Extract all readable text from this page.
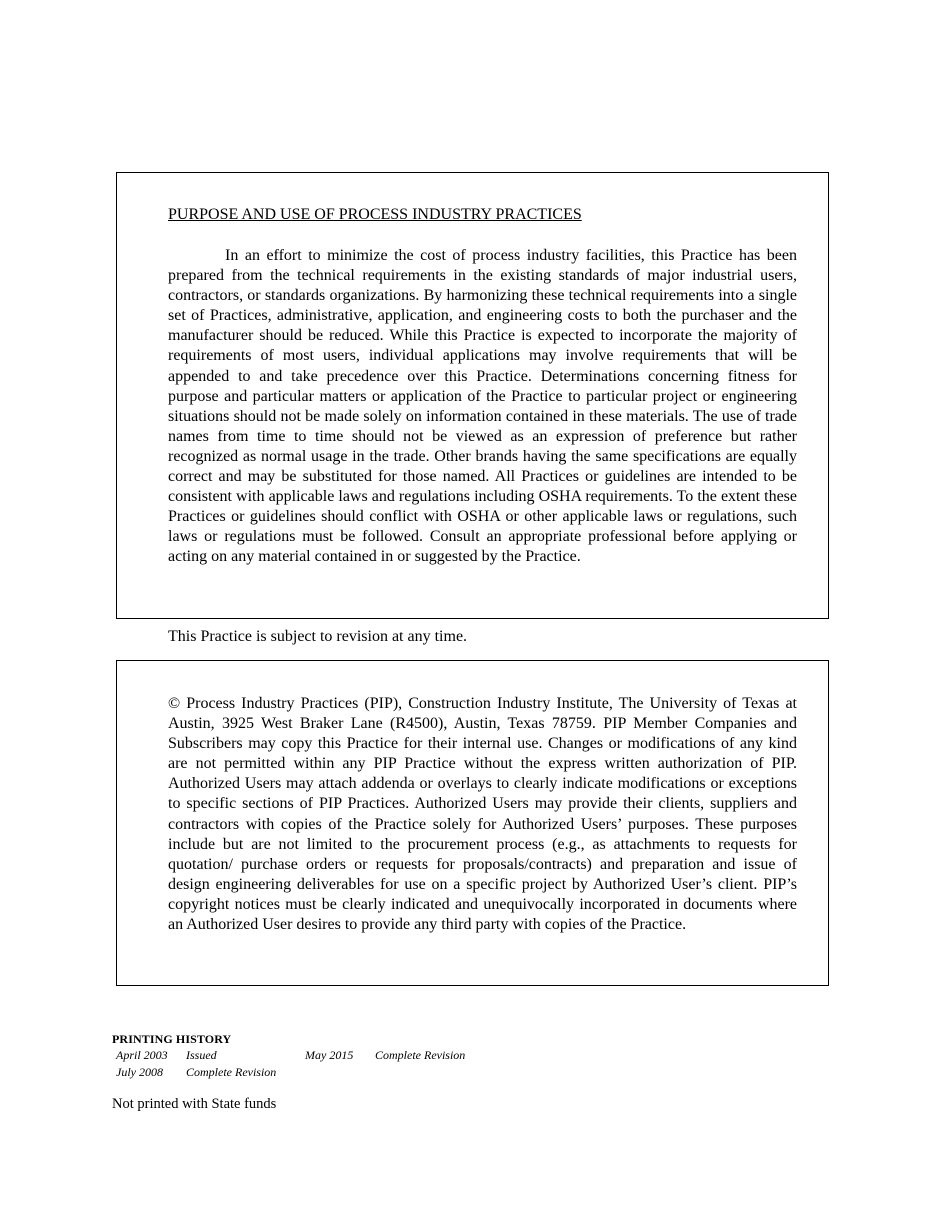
PURPOSE AND USE OF PROCESS INDUSTRY PRACTICES

In an effort to minimize the cost of process industry facilities, this Practice has been prepared from the technical requirements in the existing standards of major industrial users, contractors, or standards organizations. By harmonizing these technical requirements into a single set of Practices, administrative, application, and engineering costs to both the purchaser and the manufacturer should be reduced. While this Practice is expected to incorporate the majority of requirements of most users, individual applications may involve requirements that will be appended to and take precedence over this Practice. Determinations concerning fitness for purpose and particular matters or application of the Practice to particular project or engineering situations should not be made solely on information contained in these materials. The use of trade names from time to time should not be viewed as an expression of preference but rather recognized as normal usage in the trade. Other brands having the same specifications are equally correct and may be substituted for those named. All Practices or guidelines are intended to be consistent with applicable laws and regulations including OSHA requirements. To the extent these Practices or guidelines should conflict with OSHA or other applicable laws or regulations, such laws or regulations must be followed. Consult an appropriate professional before applying or acting on any material contained in or suggested by the Practice.

This Practice is subject to revision at any time.

© Process Industry Practices (PIP), Construction Industry Institute, The University of Texas at Austin, 3925 West Braker Lane (R4500), Austin, Texas 78759. PIP Member Companies and Subscribers may copy this Practice for their internal use. Changes or modifications of any kind are not permitted within any PIP Practice without the express written authorization of PIP. Authorized Users may attach addenda or overlays to clearly indicate modifications or exceptions to specific sections of PIP Practices. Authorized Users may provide their clients, suppliers and contractors with copies of the Practice solely for Authorized Users’ purposes. These purposes include but are not limited to the procurement process (e.g., as attachments to requests for quotation/ purchase orders or requests for proposals/contracts) and preparation and issue of design engineering deliverables for use on a specific project by Authorized User’s client. PIP’s copyright notices must be clearly indicated and unequivocally incorporated in documents where an Authorized User desires to provide any third party with copies of the Practice.

PRINTING HISTORY
April 2003 Issued
July 2008 Complete Revision
May 2015 Complete Revision
Not printed with State funds
